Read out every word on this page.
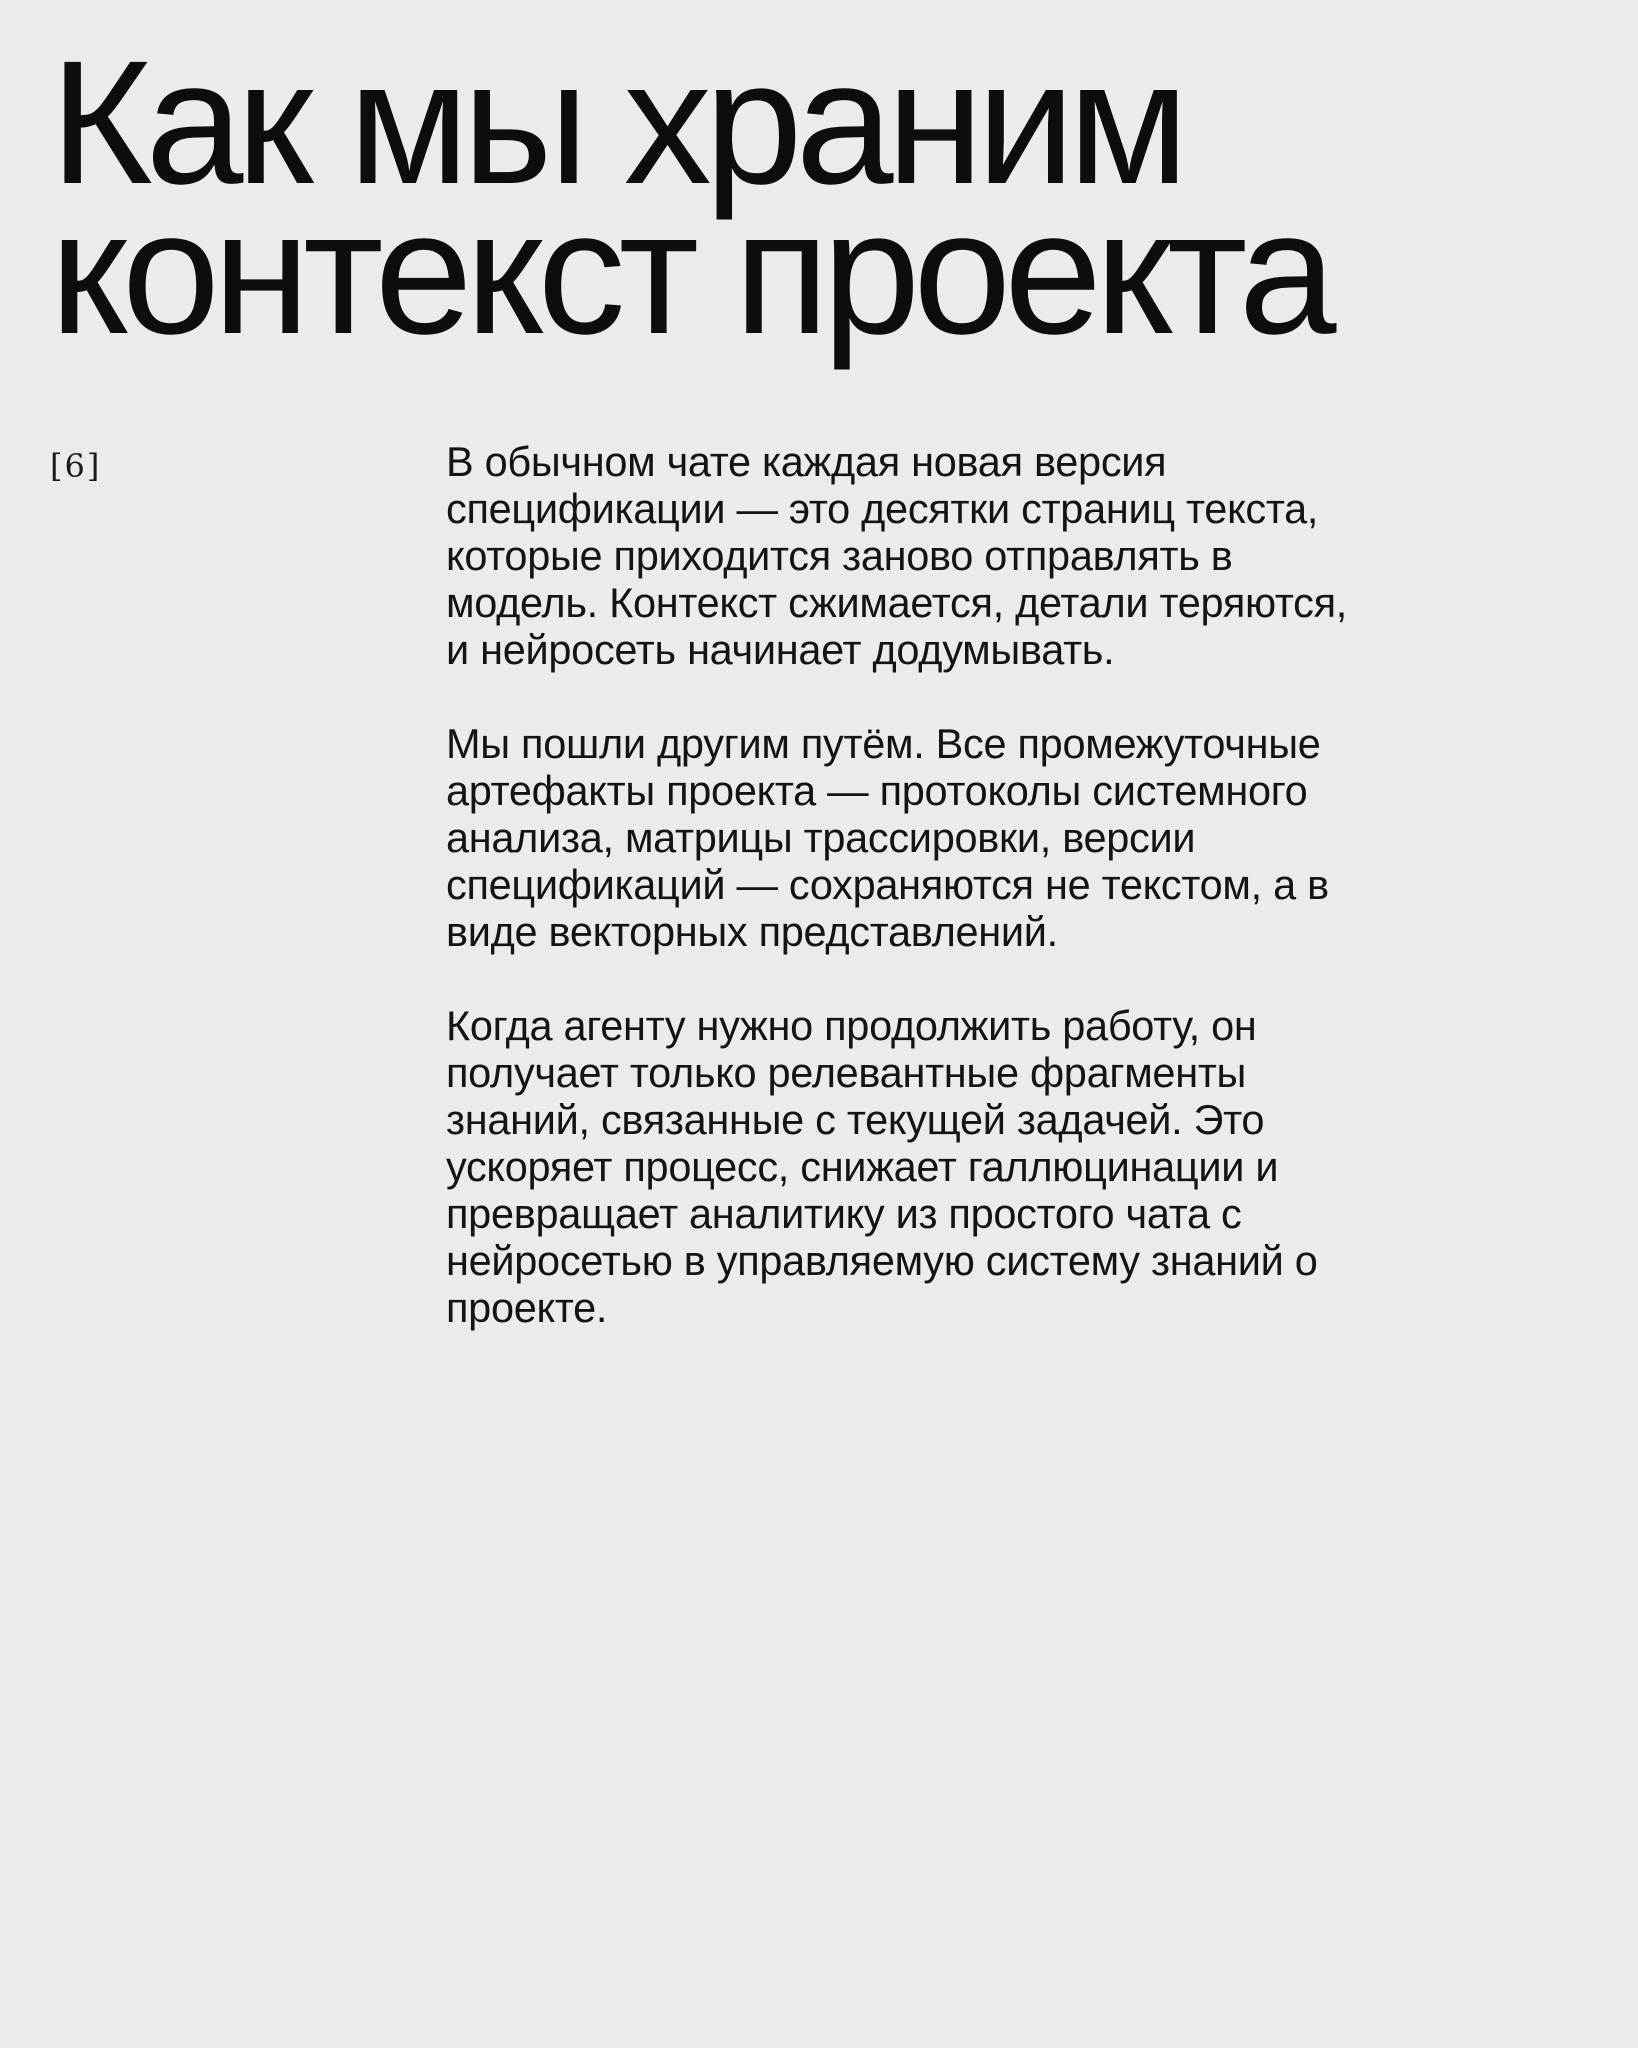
Как мы храним
контекст проекта
[6]	В обычном чате каждая новая версия
спецификации — это десятки страниц текста,
которые приходится заново отправлять в
модель. Контекст сжимается, детали теряются,
и нейросеть начинает додумывать.

Мы пошли другим путём. Все промежуточные
артефакты проекта — протоколы системного
анализа, матрицы трассировки, версии
спецификаций — сохраняются не текстом, а в
виде векторных представлений.

Когда агенту нужно продолжить работу, он
получает только релевантные фрагменты
знаний, связанные с текущей задачей. Это
ускоряет процесс, снижает галлюцинации и
превращает аналитику из простого чата с
нейросетью в управляемую систему знаний о
проекте.
